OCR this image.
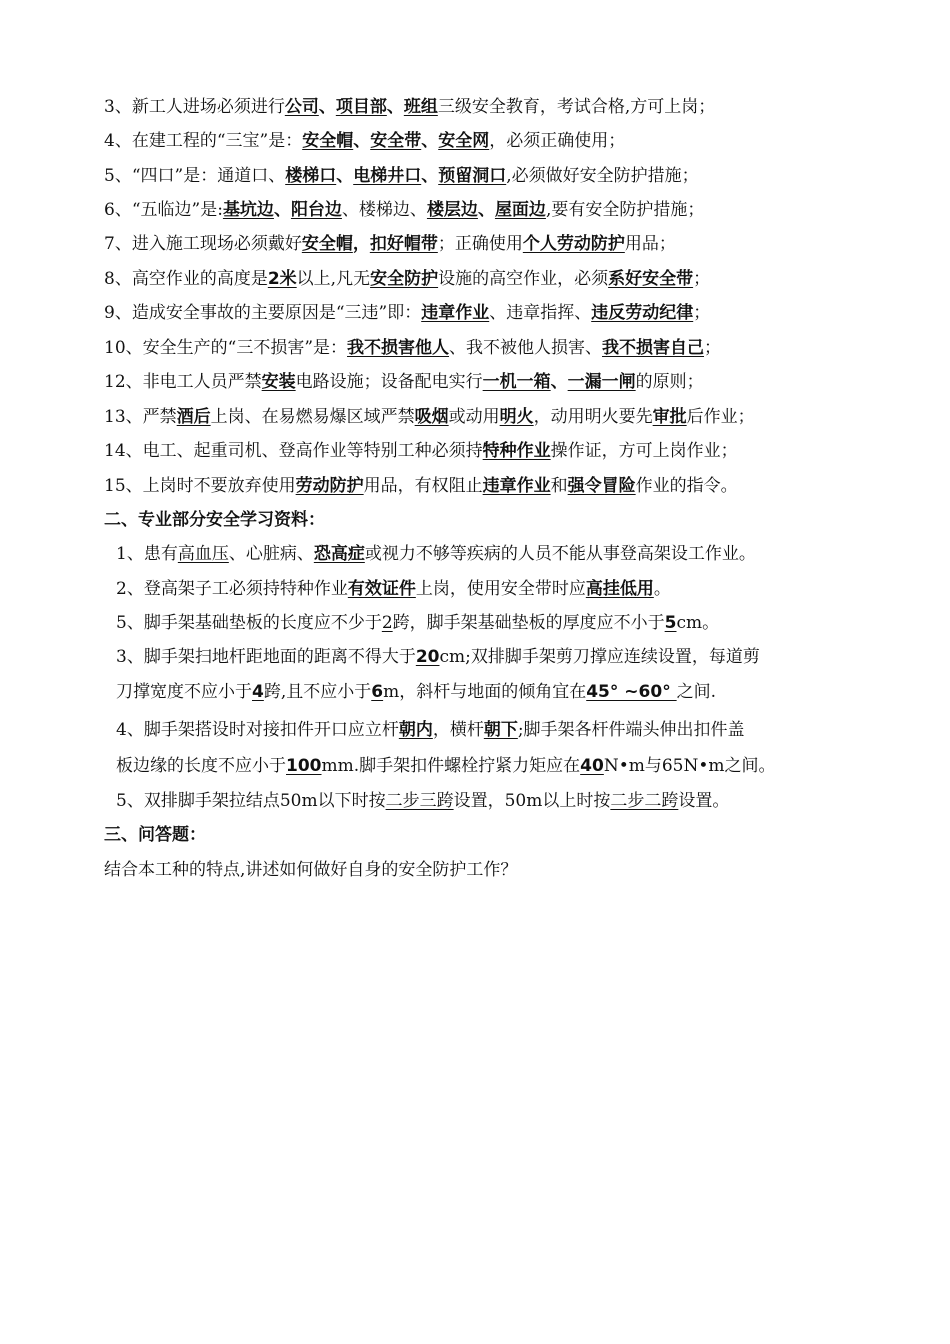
3、新工人进场必须进行公司、项目部、班组三级安全教育，考试合格,方可上岗；
4、在建工程的“三宝”是：安全帽、安全带、安全网，必须正确使用；
5、“四口”是：通道口、楼梯口、电梯井口、预留洞口,必须做好安全防护措施；
6、“五临边”是:基坑边、阳台边、楼梯边、楼层边、屋面边,要有安全防护措施；
7、进入施工现场必须戴好安全帽，扣好帽带；正确使用个人劳动防护用品；
8、高空作业的高度是2米以上,凡无安全防护设施的高空作业，必须系好安全带；
9、造成安全事故的主要原因是“三违”即：违章作业、违章指挥、违反劳动纪律；
10、安全生产的“三不损害”是：我不损害他人、我不被他人损害、我不损害自己；
12、非电工人员严禁安装电路设施；设备配电实行一机一箱、一漏一闸的原则；
13、严禁酒后上岗、在易燃易爆区域严禁吸烟或动用明火，动用明火要先审批后作业；
14、电工、起重司机、登高作业等特别工种必须持特种作业操作证，方可上岗作业；
15、上岗时不要放弃使用劳动防护用品，有权阻止违章作业和强令冒险作业的指令。
二、专业部分安全学习资料：
1、患有高血压、心脏病、恐高症或视力不够等疾病的人员不能从事登高架设工作业。
2、登高架子工必须持特种作业有效证件上岗，使用安全带时应高挂低用。
5、脚手架基础垫板的长度应不少于2跨，脚手架基础垫板的厚度应不小于5cm。
3、脚手架扫地杆距地面的距离不得大于20cm;双排脚手架剪刀撑应连续设置，每道剪
刀撑宽度不应小于4跨,且不应小于6m，斜杆与地面的倾角宜在45° ~60° 之间.
4、脚手架搭设时对接扣件开口应立杆朝内，横杆朝下;脚手架各杆件端头伸出扣件盖
板边缘的长度不应小于100mm.脚手架扣件螺栓拧紧力矩应在40N•m与65N•m之间。
5、双排脚手架拉结点50m以下时按二步三跨设置，50m以上时按二步二跨设置。
三、问答题：
结合本工种的特点,讲述如何做好自身的安全防护工作？
